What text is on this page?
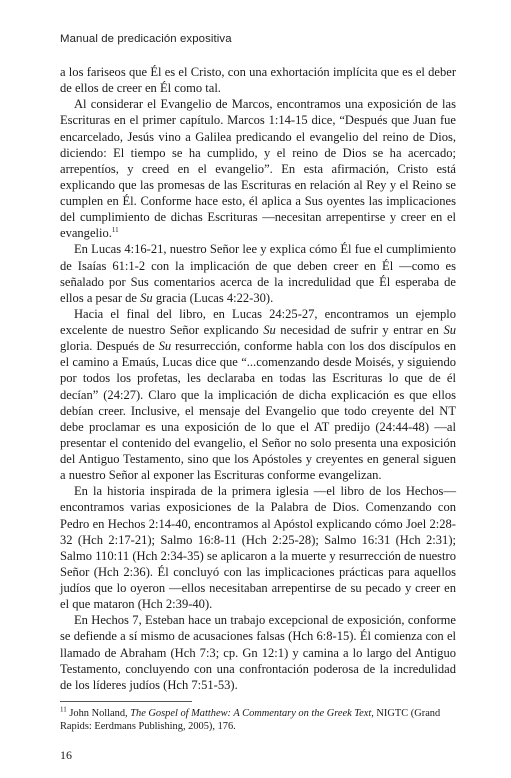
Manual de predicación expositiva

a los fariseos que Él es el Cristo, con una exhortación implícita que es el deber de ellos de creer en Él como tal.

Al considerar el Evangelio de Marcos, encontramos una exposición de las Escrituras en el primer capítulo. Marcos 1:14-15 dice, “Después que Juan fue encarcelado, Jesús vino a Galilea predicando el evangelio del reino de Dios, diciendo: El tiempo se ha cumplido, y el reino de Dios se ha acercado; arrepentíos, y creed en el evangelio”. En esta afirmación, Cristo está explicando que las promesas de las Escrituras en relación al Rey y el Reino se cumplen en Él. Conforme hace esto, él aplica a Sus oyentes las implicaciones del cumplimiento de dichas Escrituras —necesitan arrepentirse y creer en el evangelio.$^{11}$

En Lucas 4:16-21, nuestro Señor lee y explica cómo Él fue el cumplimiento de Isaías 61:1-2 con la implicación de que deben creer en Él —como es señalado por Sus comentarios acerca de la incredulidad que Él esperaba de ellos a pesar de Su gracia (Lucas 4:22-30).

Hacia el final del libro, en Lucas 24:25-27, encontramos un ejemplo excelente de nuestro Señor explicando Su necesidad de sufrir y entrar en Su gloria. Después de Su resurrección, conforme habla con los dos discípulos en el camino a Emaús, Lucas dice que “...comenzando desde Moisés, y siguiendo por todos los profetas, les declaraba en todas las Escrituras lo que de él decían” (24:27). Claro que la implicación de dicha explicación es que ellos debían creer. Inclusive, el mensaje del Evangelio que todo creyente del NT debe proclamar es una exposición de lo que el AT predijo (24:44-48) —al presentar el contenido del evangelio, el Señor no solo presenta una exposición del Antiguo Testamento, sino que los Apóstoles y creyentes en general siguen a nuestro Señor al exponer las Escrituras conforme evangelizan.

En la historia inspirada de la primera iglesia —el libro de los Hechos— encontramos varias exposiciones de la Palabra de Dios. Comenzando con Pedro en Hechos 2:14-40, encontramos al Apóstol explicando cómo Joel 2:28-32 (Hch 2:17-21); Salmo 16:8-11 (Hch 2:25-28); Salmo 16:31 (Hch 2:31); Salmo 110:11 (Hch 2:34-35) se aplicaron a la muerte y resurrección de nuestro Señor (Hch 2:36). Él concluyó con las implicaciones prácticas para aquellos judíos que lo oyeron —ellos necesitaban arrepentirse de su pecado y creer en el que mataron (Hch 2:39-40).

En Hechos 7, Esteban hace un trabajo excepcional de exposición, conforme se defiende a sí mismo de acusaciones falsas (Hch 6:8-15). Él comienza con el llamado de Abraham (Hch 7:3; cp. Gn 12:1) y camina a lo largo del Antiguo Testamento, concluyendo con una confrontación poderosa de la incredulidad de los líderes judíos (Hch 7:51-53).

$^{11}$ John Nolland, The Gospel of Matthew: A Commentary on the Greek Text, NIGTC (Grand Rapids: Eerdmans Publishing, 2005), 176.
16
